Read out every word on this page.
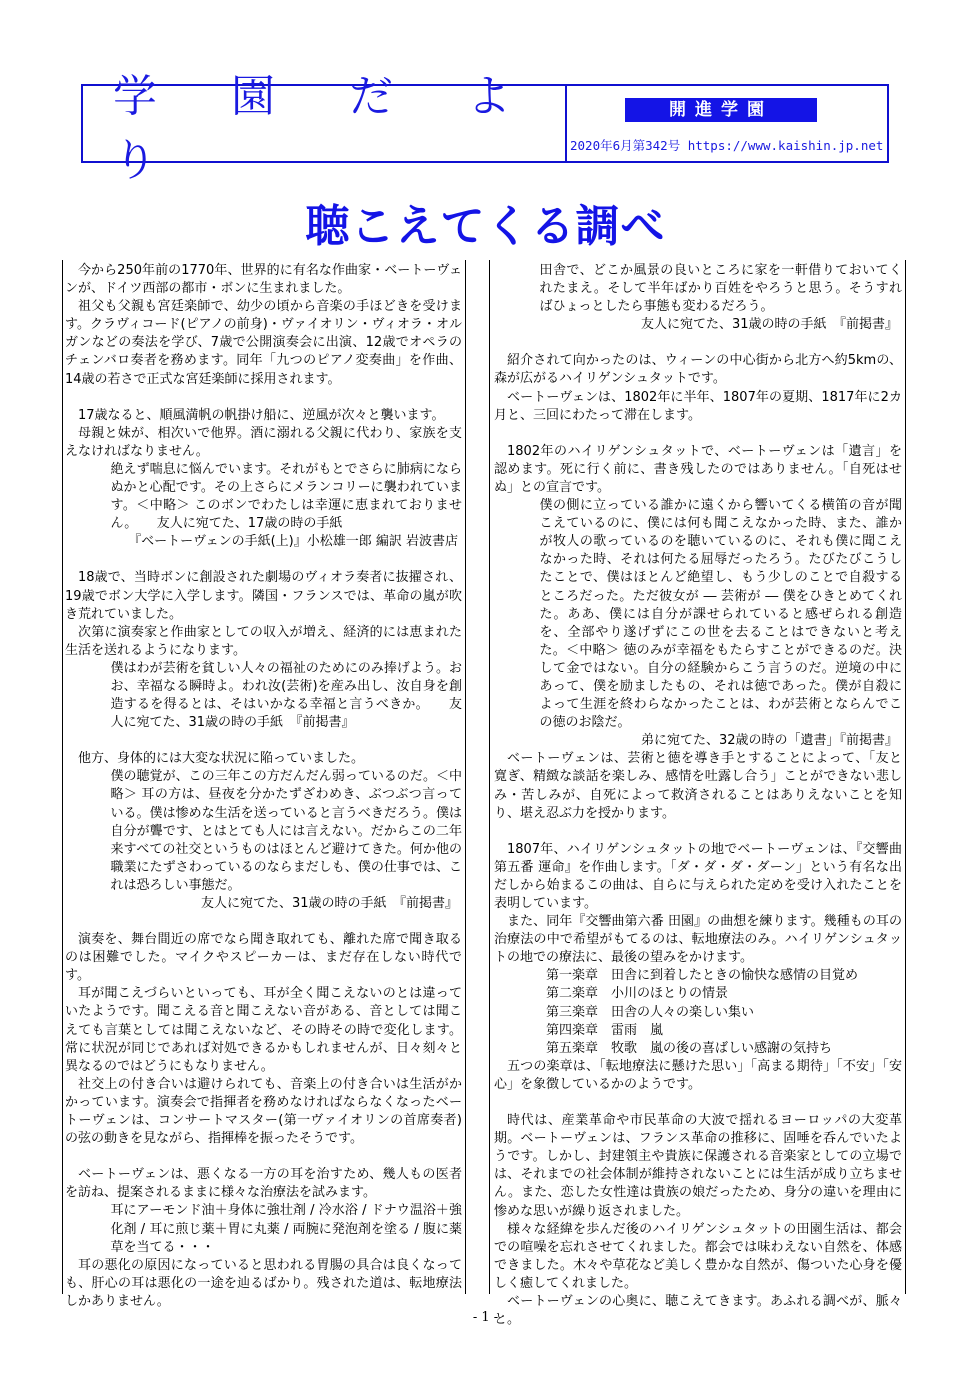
学 園 だ よ り
開進学園
2020年6月第342号 https://www.kaishin.jp.net
聴こえてくる調べ

今から250年前の1770年、世界的に有名な作曲家・ベートーヴェンが、ドイツ西部の都市・ボンに生まれました。

祖父も父親も宮廷楽師で、幼少の頃から音楽の手ほどきを受けます。クラヴィコード(ピアノの前身)・ヴァイオリン・ヴィオラ・オルガンなどの奏法を学び、7歳で公開演奏会に出演、12歳でオペラのチェンバロ奏者を務めます。同年「九つのピアノ変奏曲」を作曲、14歳の若さで正式な宮廷楽師に採用されます。

17歳なると、順風満帆の帆掛け船に、逆風が次々と襲います。

母親と妹が、相次いで他界。酒に溺れる父親に代わり、家族を支えなければなりません。

絶えず喘息に悩んでいます。それがもとでさらに肺病にならぬかと心配です。その上さらにメランコリーに襲われています。＜中略＞ このボンでわたしは幸運に恵まれておりません。　　友人に宛てた、17歳の時の手紙

『ベートーヴェンの手紙(上)』小松雄一郎 編訳 岩波書店

18歳で、当時ボンに創設された劇場のヴィオラ奏者に抜擢され、19歳でボン大学に入学します。隣国・フランスでは、革命の嵐が吹き荒れていました。

次第に演奏家と作曲家としての収入が増え、経済的には恵まれた生活を送れるようになります。

僕はわが芸術を貧しい人々の福祉のためにのみ捧げよう。おお、幸福なる瞬時よ。われ汝(芸術)を産み出し、汝自身を創造するを得るとは、そはいかなる幸福と言うべきか。　　友人に宛てた、31歳の時の手紙　『前掲書』

他方、身体的には大変な状況に陥っていました。

僕の聴覚が、この三年この方だんだん弱っているのだ。＜中略＞ 耳の方は、昼夜を分かたずざわめき、ぶつぶつ言っている。僕は惨めな生活を送っていると言うべきだろう。僕は自分が聾です、とはとても人には言えない。だからこの二年来すべての社交というものはほとんど避けてきた。何か他の職業にたずさわっているのならまだしも、僕の仕事では、これは恐ろしい事態だ。

友人に宛てた、31歳の時の手紙　『前掲書』

演奏を、舞台間近の席でなら聞き取れても、離れた席で聞き取るのは困難でした。マイクやスピーカーは、まだ存在しない時代です。

耳が聞こえづらいといっても、耳が全く聞こえないのとは違っていたようです。聞こえる音と聞こえない音がある、音としては聞こえても言葉としては聞こえないなど、その時その時で変化します。常に状況が同じであれば対処できるかもしれませんが、日々刻々と異なるのではどうにもなりません。

社交上の付き合いは避けられても、音楽上の付き合いは生活がかかっています。演奏会で指揮者を務めなければならなくなったベートーヴェンは、コンサートマスター(第一ヴァイオリンの首席奏者)の弦の動きを見ながら、指揮棒を振ったそうです。

ベートーヴェンは、悪くなる一方の耳を治すため、幾人もの医者を訪ね、提案されるままに様々な治療法を試みます。

耳にアーモンド油＋身体に強壮剤 / 冷水浴 / ドナウ温浴＋強化剤 / 耳に煎じ薬＋胃に丸薬 / 両腕に発泡剤を塗る / 腹に薬草を当てる・・・

耳の悪化の原因になっていると思われる胃腸の具合は良くなっても、肝心の耳は悪化の一途を辿るばかり。残された道は、転地療法しかありません。

田舎で、どこか風景の良いところに家を一軒借りておいてくれたまえ。そして半年ばかり百姓をやろうと思う。そうすればひょっとしたら事態も変わるだろう。

友人に宛てた、31歳の時の手紙　『前掲書』

紹介されて向かったのは、ウィーンの中心街から北方へ約5kmの、森が広がるハイリゲンシュタットです。

ベートーヴェンは、1802年に半年、1807年の夏期、1817年に2カ月と、三回にわたって滞在します。

1802年のハイリゲンシュタットで、ベートーヴェンは「遺言」を認めます。死に行く前に、書き残したのではありません。「自死はせぬ」との宣言です。

僕の側に立っている誰かに遠くから響いてくる横笛の音が聞こえているのに、僕には何も聞こえなかった時、また、誰かが牧人の歌っているのを聴いているのに、それも僕に聞こえなかった時、それは何たる屈辱だったろう。たびたびこうしたことで、僕はほとんど絶望し、もう少しのことで自殺するところだった。ただ彼女が ― 芸術が ― 僕をひきとめてくれた。ああ、僕には自分が課せられていると感ぜられる創造を、全部やり遂げずにこの世を去ることはできないと考えた。＜中略＞ 徳のみが幸福をもたらすことができるのだ。決して金ではない。自分の経験からこう言うのだ。逆境の中にあって、僕を励ましたもの、それは徳であった。僕が自殺によって生涯を終わらなかったことは、わが芸術とならんでこの徳のお陰だ。

弟に宛てた、32歳の時の「遺書」『前掲書』

ベートーヴェンは、芸術と徳を導き手とすることによって、「友と寛ぎ、精緻な談話を楽しみ、感情を吐露し合う」ことができない悲しみ・苦しみが、自死によって救済されることはありえないことを知り、堪え忍ぶ力を授かります。

1807年、ハイリゲンシュタットの地でベートーヴェンは、『交響曲第五番 運命』を作曲します。「ダ・ダ・ダ・ダーン」という有名な出だしから始まるこの曲は、自らに与えられた定めを受け入れたことを表明しています。

また、同年『交響曲第六番 田園』の曲想を練ります。幾種もの耳の治療法の中で希望がもてるのは、転地療法のみ。ハイリゲンシュタットの地での療法に、最後の望みをかけます。

第一楽章　田舎に到着したときの愉快な感情の目覚め

第二楽章　小川のほとりの情景

第三楽章　田舎の人々の楽しい集い

第四楽章　雷雨　嵐

第五楽章　牧歌　嵐の後の喜ばしい感謝の気持ち

五つの楽章は、「転地療法に懸けた思い」「高まる期待」「不安」「安心」を象徴しているかのようです。

時代は、産業革命や市民革命の大波で揺れるヨーロッパの大変革期。ベートーヴェンは、フランス革命の推移に、固唾を呑んでいたようです。しかし、封建領主や貴族に保護される音楽家としての立場では、それまでの社会体制が維持されないことには生活が成り立ちません。また、恋した女性達は貴族の娘だったため、身分の違いを理由に惨めな思いが繰り返されました。

様々な経緯を歩んだ後のハイリゲンシュタットの田園生活は、都会での喧噪を忘れさせてくれました。都会では味わえない自然を、体感できました。木々や草花など美しく豊かな自然が、傷ついた心身を優しく癒してくれました。

ベートーヴェンの心奥に、聴こえてきます。あふれる調べが、脈々と。

- 1 -
